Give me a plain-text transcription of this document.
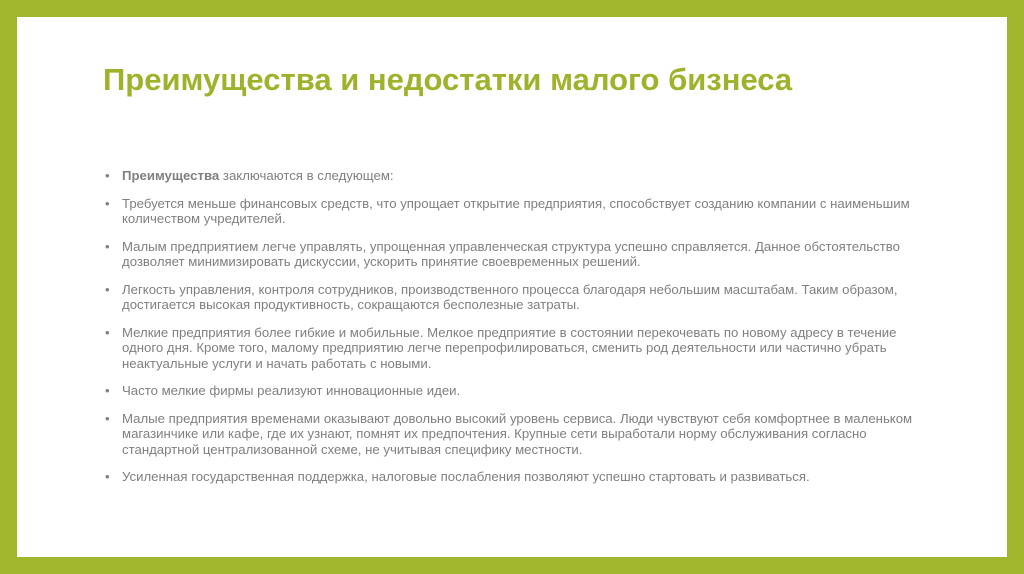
Преимущества и недостатки малого бизнеса
• Преимущества заключаются в следующем:
• Требуется меньше финансовых средств, что упрощает открытие предприятия, способствует созданию компании с наименьшим количеством учредителей.
• Малым предприятием легче управлять, упрощенная управленческая структура успешно справляется. Данное обстоятельство дозволяет минимизировать дискуссии, ускорить принятие своевременных решений.
• Легкость управления, контроля сотрудников, производственного процесса благодаря небольшим масштабам. Таким образом, достигается высокая продуктивность, сокращаются бесполезные затраты.
• Мелкие предприятия более гибкие и мобильные. Мелкое предприятие в состоянии перекочевать по новому адресу в течение одного дня. Кроме того, малому предприятию легче перепрофилироваться, сменить род деятельности или частично убрать неактуальные услуги и начать работать с новыми.
• Часто мелкие фирмы реализуют инновационные идеи.
• Малые предприятия временами оказывают довольно высокий уровень сервиса. Люди чувствуют себя комфортнее в маленьком магазинчике или кафе, где их узнают, помнят их предпочтения. Крупные сети выработали норму обслуживания согласно стандартной централизованной схеме, не учитывая специфику местности.
• Усиленная государственная поддержка, налоговые послабления позволяют успешно стартовать и развиваться.
